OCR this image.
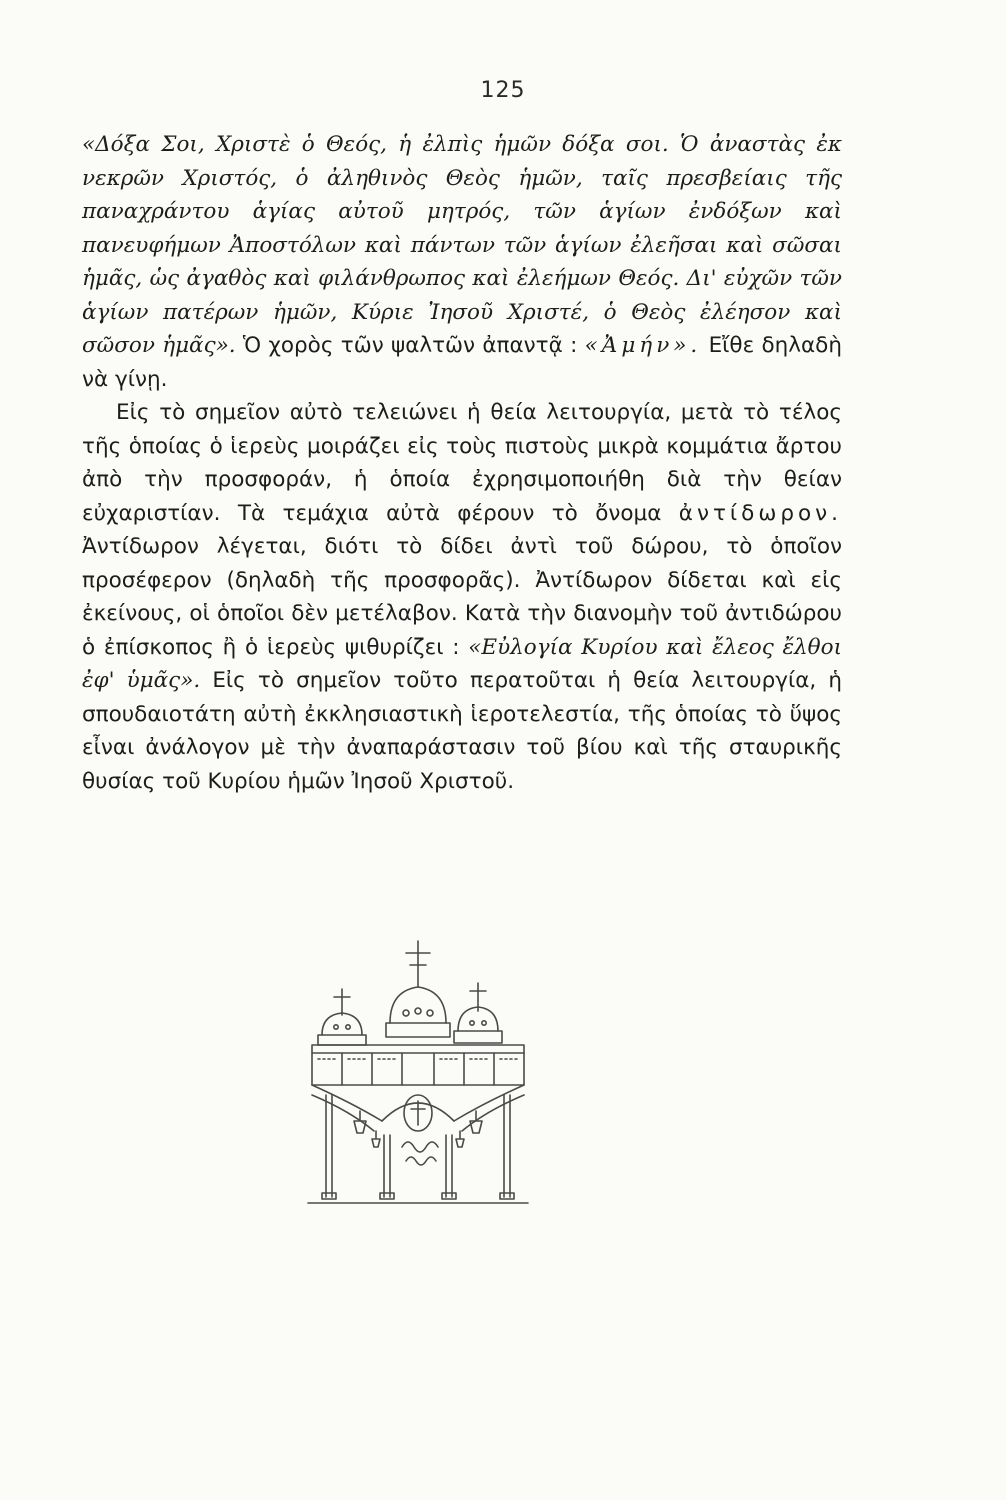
125

«Δόξα Σοι, Χριστὲ ὁ Θεός, ἡ ἐλπὶς ἡμῶν δόξα σοι. Ὁ ἀναστὰς ἐκ νεκρῶν Χριστός, ὁ ἀληθινὸς Θεὸς ἡμῶν, ταῖς πρεσβείαις τῆς παναχράντου ἁγίας αὐτοῦ μητρός, τῶν ἁγίων ἐνδόξων καὶ πανευφήμων Ἀποστόλων καὶ πάντων τῶν ἁγίων ἐλεῆσαι καὶ σῶσαι ἡμᾶς, ὡς ἀγαθὸς καὶ φιλάνθρωπος καὶ ἐλεήμων Θεός. Δι' εὐχῶν τῶν ἁγίων πατέρων ἡμῶν, Κύριε Ἰησοῦ Χριστέ, ὁ Θεὸς ἐλέησον καὶ σῶσον ἡμᾶς». Ὁ χορὸς τῶν ψαλτῶν ἀπαντᾷ : «Ἀμήν». Εἴθε δηλαδὴ νὰ γίνῃ.

Εἰς τὸ σημεῖον αὐτὸ τελειώνει ἡ θεία λειτουργία, μετὰ τὸ τέλος τῆς ὁποίας ὁ ἱερεὺς μοιράζει εἰς τοὺς πιστοὺς μικρὰ κομμάτια ἄρτου ἀπὸ τὴν προσφοράν, ἡ ὁποία ἐχρησιμοποιήθη διὰ τὴν θείαν εὐχαριστίαν. Τὰ τεμάχια αὐτὰ φέρουν τὸ ὄνομα ἀντίδωρον. Ἀντίδωρον λέγεται, διότι τὸ δίδει ἀντὶ τοῦ δώρου, τὸ ὁποῖον προσέφερον (δηλαδὴ τῆς προσφορᾶς). Ἀντίδωρον δίδεται καὶ εἰς ἐκείνους, οἱ ὁποῖοι δὲν μετέλαβον. Κατὰ τὴν διανομὴν τοῦ ἀντιδώρου ὁ ἐπίσκοπος ἢ ὁ ἱερεὺς ψιθυρίζει : «Εὐλογία Κυρίου καὶ ἔλεος ἔλθοι ἐφ' ὑμᾶς». Εἰς τὸ σημεῖον τοῦτο περατοῦται ἡ θεία λειτουργία, ἡ σπουδαιοτάτη αὐτὴ ἐκκλησιαστικὴ ἱεροτελεστία, τῆς ὁποίας τὸ ὕψος εἶναι ἀνάλογον μὲ τὴν ἀναπαράστασιν τοῦ βίου καὶ τῆς σταυρικῆς θυσίας τοῦ Κυρίου ἡμῶν Ἰησοῦ Χριστοῦ.
